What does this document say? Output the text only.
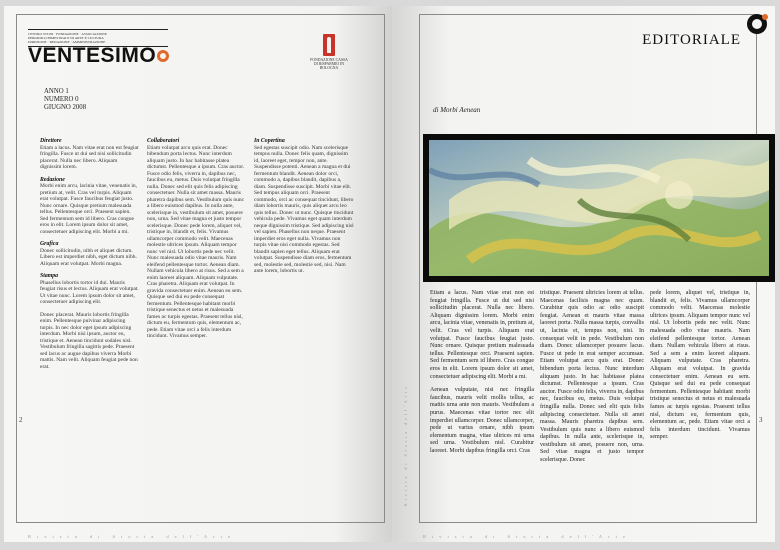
CENTRO STUDI · FONDAZIONE · ASSOCIAZIONE
PERIODICO BIMESTRALE DI ARTE E CULTURA
DIREZIONE · REDAZIONE · AMMINISTRAZIONE
VENTESIMO	FONDAZIONE CASSA DI RISPARMIO IN BOLOGNA
ANNO 1
NUMERO 0
GIUGNO 2008
Direttore
Etiam a lacus. Nam vitae erat non est feugiat fringilla. Fusce ut dui sed nisi sollicitudin placerat. Nulla nec libero. Aliquam dignissim lorem.
Redazione
Morbi enim arcu, lacinia vitae, venenatis in, pretium at, velit. Cras vel turpis. Aliquam erat volutpat. Fusce faucibus feugiat justo. Nunc ornare. Quisque pretium malesuada tellus. Pellentesque orci. Praesent sapien. Sed fermentum sem id libero. Cras congue eros in elit. Lorem ipsum dolor sit amet, consectetuer adipiscing elit. Morbi a mi.
Grafica
Donec sollicitudin, nibh et aliquet dictum. Libero est imperdiet nibh, eget dictum nibh. Aliquam erat volutpat. Morbi magna.
Stampa
Phasellus lobortis tortor id dui. Mauris feugiat risus et lectus. Aliquam erat volutpat. Ut vitae nunc. Lorem ipsum dolor sit amet, consectetuer adipiscing elit.
Donec placerat. Mauris lobortis fringilla enim. Pellentesque pulvinar adipiscing turpis. In nec dolor eget ipsum adipiscing interdum. Morbi nisi ipsum, auctor eu, tristique et. Aenean tincidunt sodales nisl. Vestibulum fringilla sagittis pede. Praesent sed lacus ac augue dapibus viverra Morbi mattis. Nam velit. Aliquam feugiat pede non erat.
Collaboratori
Etiam volutpat arcu quis erat. Donec bibendum porta lectus. Nunc interdum aliquam justo. In hac habitasse platea dictumst. Pellentesque a ipsum. Cras auctor. Fusce odio felis, viverra in, dapibus nec, faucibus eu, metus. Duis volutpat fringilla nulla. Donec sed elit quis felis adipiscing consectetuer. Nulla sit amet massa. Mauris pharetra dapibus sem. Vestibulum quis nunc a libero euismod dapibus. In nulla ante, scelerisque in, vestibulum sit amet, posuere non, urna. Sed vitae magna et justo tempor scelerisque. Donec pede lorem, aliquet vel, tristique in, blandit et, felis. Vivamus ullamcorper commodo velit. Maecenas molestie ultrices ipsum. Aliquam tempor nunc vel nisl. Ut lobortis pede nec velit. Nunc malesuada odio vitae mauris. Nam eleifend pellentesque tortor. Aenean diam. Nullam vehicula libero at risus. Sed a sem a enim laoreet aliquam. Aliquam vulputate. Cras pharetra. Aliquam erat volutpat. In gravida consectetuer enim. Aenean eu sem. Quisque sed dui eu pede consequat fermentum. Pellentesque habitant morbi tristique senectus et netus et malesuada fames ac turpis egestas. Praesent tellus nisl, dictum eu, fermentum quis, elementum ac, pede. Etiam vitae orci a felis interdum tincidunt. Vivamus semper.
In Copertina
Sed egestas suscipit odio. Nam scelerisque tempus nulla. Donec felis quam, dignissim id, laoreet eget, tempor non, ante. Suspendisse potenti. Aenean a magna et dui fermentum blandit. Aenean dolor orci, commodo a, dapibus blandit, dapibus a, diam. Suspendisse suscipit. Morbi vitae elit. Sed tempus aliquam orci. Praesent commodo, orci ac consequat tincidunt, libero diam lobortis mauris, quis aliquet arcu leo quis tellus. Donec ut nunc. Quisque tincidunt vehicula pede. Vivamus eget quam interdum neque dignissim tristique. Sed adipiscing nisl vel sapien. Phasellus non neque. Praesent imperdiet eros eget nulla. Vivamus non turpis vitae nisi commodo egestas. Sed blandit sapien eget tellus. Aliquam erat volutpat. Suspendisse diam eros, fermentum sed, molestie sed, molestie sed, nisi. Nam ante lorem, lobortis ut.
2
Rivista di Storia dell'Arte
Rivista di Storia dell'Arte
EDITORIALE
di Morbi Aenean

Etiam a lacus. Nam vitae erat non est feugiat fringilla. Fusce ut dui sed nisi sollicitudin placerat. Nulla nec libero. Aliquam dignissim lorem. Morbi enim arcu, lacinia vitae, venenatis in, pretium at, velit. Cras vel turpis. Aliquam erat volutpat. Fusce faucibus feugiat justo. Nunc ornare. Quisque pretium malesuada tellus. Pellentesque orci. Praesent sapien. Sed fermentum sem id libero. Cras congue eros in elit. Lorem ipsum dolor sit amet, consectetuer adipiscing elit. Morbi a mi.

Aenean vulputate, nisi nec fringilla faucibus, mauris velit mollis tellus, ac mattis urna ante non mauris. Vestibulum a purus. Maecenas vitae tortor nec elit imperdiet ullamcorper. Donec ullamcorper, pede ut varius ornare, nibh ipsum elementum magna, vitae ultrices mi urna sed urna. Vestibulum nisl. Curabitur laoreet. Morbi dapibus fringilla orci. Cras

tristique. Praesent ultricies lorem at tellus. Maecenas facilisis magna nec quam. Curabitur quis odio ac odio suscipit feugiat. Aenean et mauris vitae massa laoreet porta. Nulla massa turpis, convallis ut, lacinia et, tempus non, nisi. In consequat velit in pede. Vestibulum non diam. Donec ullamcorper posuere lacus. Fusce ut pede in erat semper accumsan. Etiam volutpat arcu quis erat. Donec bibendum porta lectus. Nunc interdum aliquam justo. In hac habitasse platea dictumst. Pellentesque a ipsum. Cras auctor. Fusce odio felis, viverra in, dapibus nec, faucibus eu, metus. Duis volutpat fringilla nulla. Donec sed elit quis felis adipiscing consectetuer. Nulla sit amet massa. Mauris pharetra dapibus sem. Vestibulum quis nunc a libero euismod dapibus. In nulla ante, scelerisque in, vestibulum sit amet, posuere non, urna. Sed vitae magna et justo tempor scelerisque. Donec

pede lorem, aliquet vel, tristique in, blandit et, felis. Vivamus ullamcorper commodo velit. Maecenas molestie ultrices ipsum. Aliquam tempor nunc vel nisl. Ut lobortis pede nec velit. Nunc malesuada odio vitae mauris. Nam eleifend pellentesque tortor. Aenean diam. Nullam vehicula libero at risus. Sed a sem a enim laoreet aliquam. Aliquam vulputate. Cras pharetra. Aliquam erat volutpat. In gravida consectetuer enim. Aenean eu sem. Quisque sed dui eu pede consequat fermentum. Pellentesque habitant morbi tristique senectus et netus et malesuada fames ac turpis egestas. Praesent tellus nisl, dictum eu, fermentum quis, elementum ac, pede. Etiam vitae orci a felis interdum tincidunt. Vivamus semper.

3
Rivista di Storia dell'Arte
